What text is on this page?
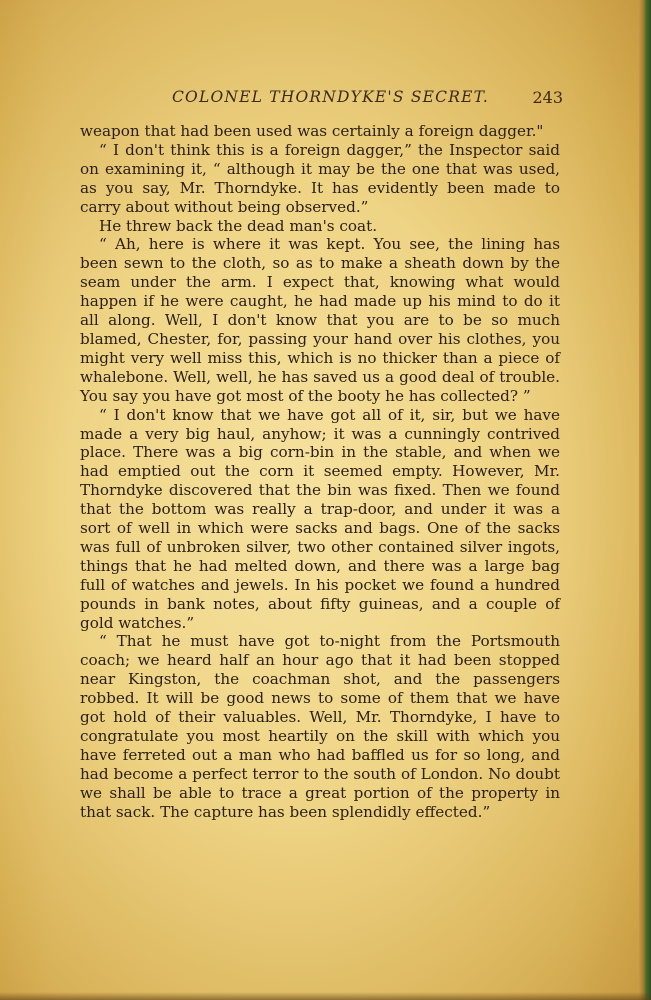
COLONEL THORNDYKE'S SECRET.	243

weapon that had been used was certainly a foreign dagger."

“ I don't think this is a foreign dagger,” the Inspector said on examining it, “ although it may be the one that was used, as you say, Mr. Thorndyke. It has evidently been made to carry about without being observed.”

He threw back the dead man's coat.

“ Ah, here is where it was kept. You see, the lining has been sewn to the cloth, so as to make a sheath down by the seam under the arm. I expect that, knowing what would happen if he were caught, he had made up his mind to do it all along. Well, I don't know that you are to be so much blamed, Chester, for, passing your hand over his clothes, you might very well miss this, which is no thicker than a piece of whalebone. Well, well, he has saved us a good deal of trouble. You say you have got most of the booty he has collected? ”

“ I don't know that we have got all of it, sir, but we have made a very big haul, anyhow; it was a cunningly contrived place. There was a big corn-bin in the stable, and when we had emptied out the corn it seemed empty. However, Mr. Thorndyke discovered that the bin was fixed. Then we found that the bottom was really a trap-door, and under it was a sort of well in which were sacks and bags. One of the sacks was full of unbroken silver, two other contained silver ingots, things that he had melted down, and there was a large bag full of watches and jewels. In his pocket we found a hundred pounds in bank notes, about fifty guineas, and a couple of gold watches.”

“ That he must have got to-night from the Portsmouth coach; we heard half an hour ago that it had been stopped near Kingston, the coachman shot, and the passengers robbed. It will be good news to some of them that we have got hold of their valuables. Well, Mr. Thorndyke, I have to congratulate you most heartily on the skill with which you have ferreted out a man who had baffled us for so long, and had become a perfect terror to the south of London. No doubt we shall be able to trace a great portion of the property in that sack. The capture has been splendidly effected.”
